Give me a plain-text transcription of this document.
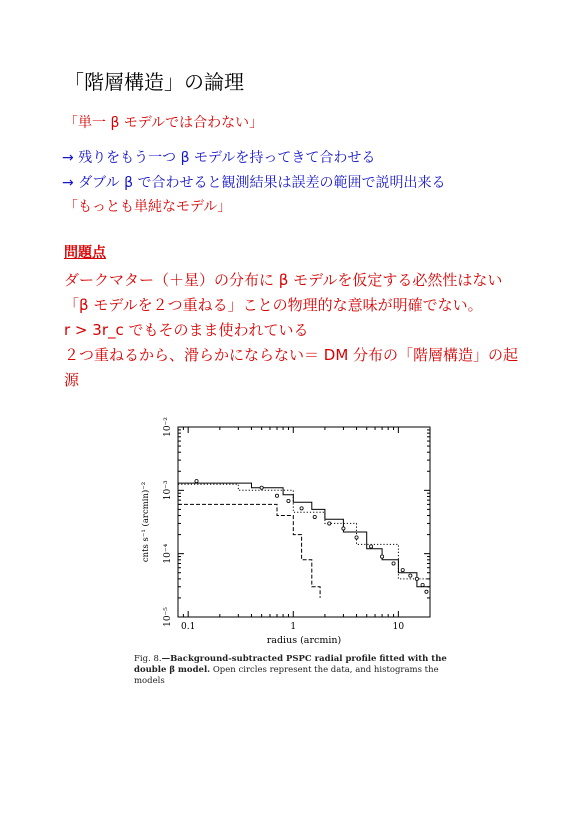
「階層構造」の論理
「単一 β モデルでは合わない」
→ 残りをもう一つ β モデルを持ってきて合わせる
→ ダブル β で合わせると観測結果は誤差の範囲で説明出来る
「もっとも単純なモデル」
問題点
ダークマター（＋星）の分布に β モデルを仮定する必然性はない
「β モデルを２つ重ねる」ことの物理的な意味が明確でない。
r > 3r_c でもそのまま使われている
２つ重ねるから、滑らかにならない＝ DM 分布の「階層構造」の起
源
0.1	1	10
10⁻⁵
10⁻⁴
10⁻³
10⁻²
radius (arcmin)
cnts s⁻¹ (arcmin)⁻²
Fig. 8.—Background-subtracted PSPC radial profile fitted with the double β model. Open circles represent the data, and histograms the models
